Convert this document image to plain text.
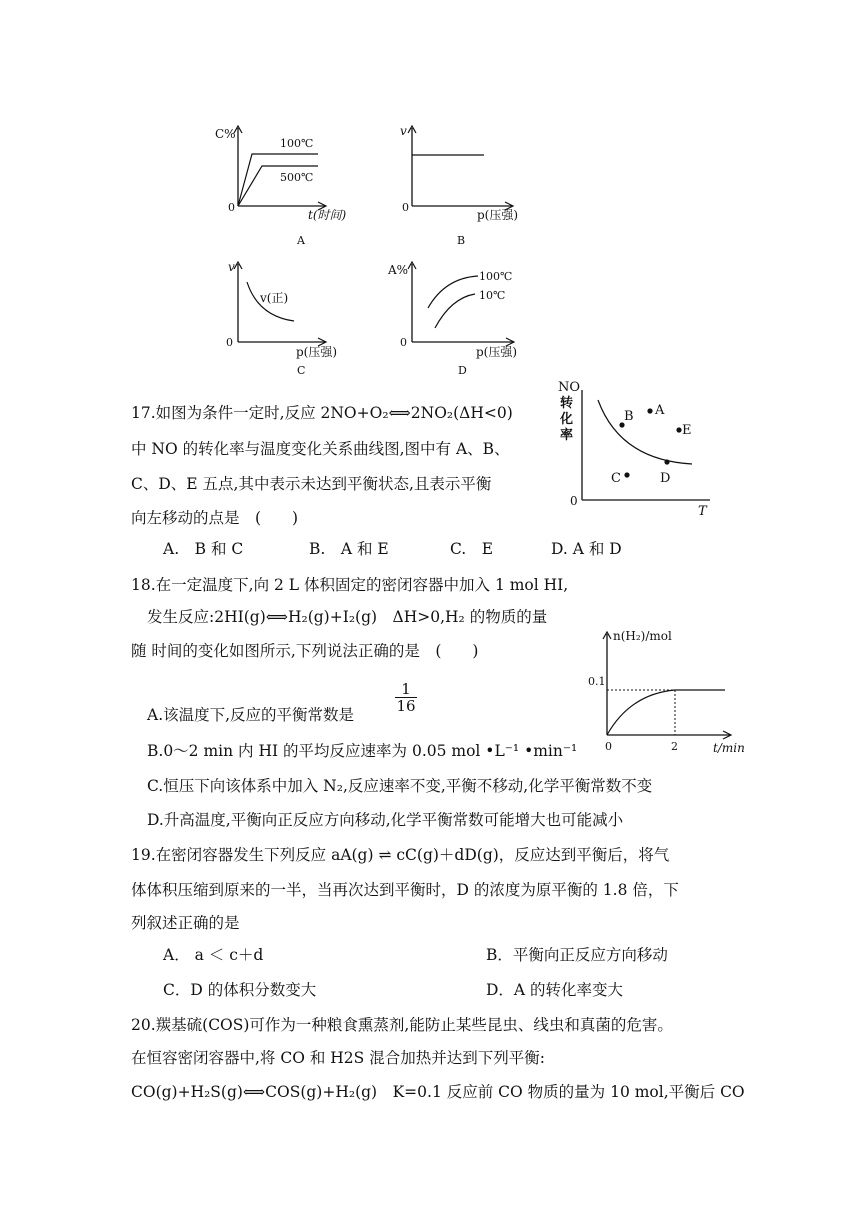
C%
0
100℃
500℃
t(时间)
A
v
0
p(压强)
B
v
0
v(正)
p(压强)
C
A%
0
100℃
10℃
p(压强)
D
NO
转
化
率
0
T
B A
E
C	D
n(H₂)/mol
0.1
0	2	t/min
17.如图为条件一定时,反应 2NO+O₂⟺2NO₂(ΔH<0)
中 NO 的转化率与温度变化关系曲线图,图中有 A、B、
C、D、E 五点,其中表示未达到平衡状态,且表示平衡
向左移动的点是　(　　)
A.　B 和 C	B.　A 和 E	C.　E	D. A 和 D
18.在一定温度下,向 2 L 体积固定的密闭容器中加入 1 mol HI,
发生反应:2HI(g)⟺H₂(g)+I₂(g)　ΔH>0,H₂ 的物质的量
随 时间的变化如图所示,下列说法正确的是　(　　)
A.该温度下,反应的平衡常数是
1
16
B.0～2 min 内 HI 的平均反应速率为 0.05 mol •L⁻¹ •min⁻¹
C.恒压下向该体系中加入 N₂,反应速率不变,平衡不移动,化学平衡常数不变
D.升高温度,平衡向正反应方向移动,化学平衡常数可能增大也可能减小
19.在密闭容器发生下列反应 aA(g) ⇌ cC(g)＋dD(g)，反应达到平衡后，将气
体体积压缩到原来的一半，当再次达到平衡时，D 的浓度为原平衡的 1.8 倍，下
列叙述正确的是
A． a ＜ c＋d	B．平衡向正反应方向移动
C．D 的体积分数变大	D．A 的转化率变大
20.羰基硫(COS)可作为一种粮食熏蒸剂,能防止某些昆虫、线虫和真菌的危害。
在恒容密闭容器中,将 CO 和 H2S 混合加热并达到下列平衡:
CO(g)+H₂S(g)⟺COS(g)+H₂(g)　K=0.1 反应前 CO 物质的量为 10 mol,平衡后 CO
